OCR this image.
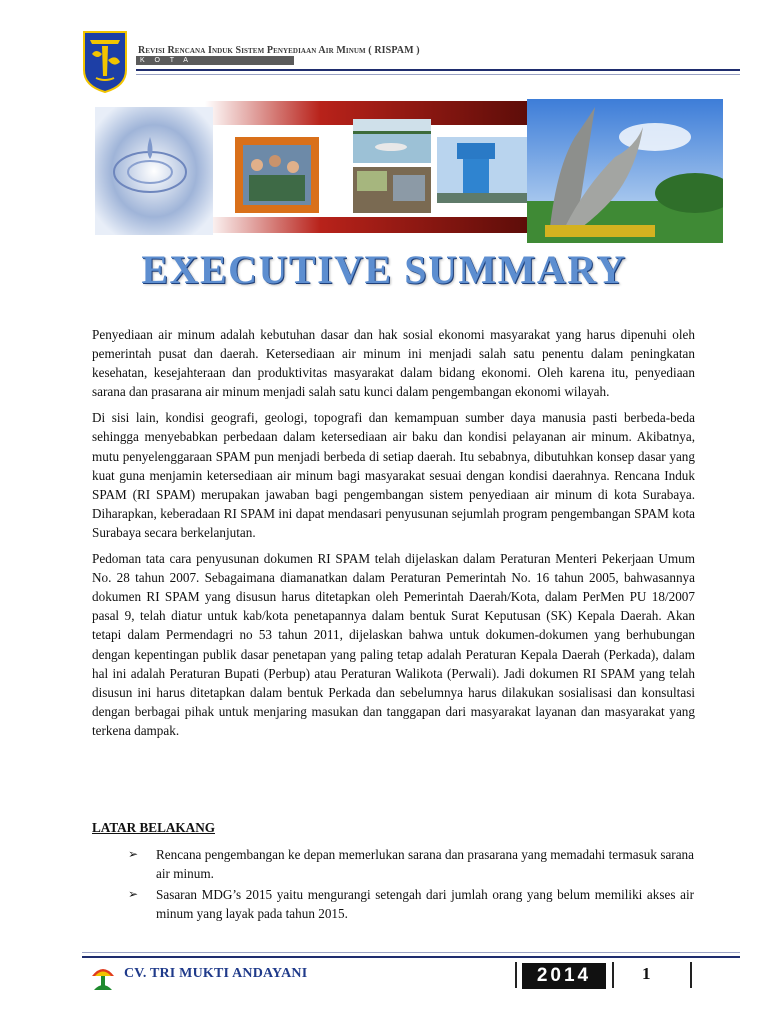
Revisi Rencana Induk Sistem Penyediaan Air Minum ( RISPAM )
KOTA
EXECUTIVE SUMMARY

Penyediaan air minum adalah kebutuhan dasar dan hak sosial ekonomi masyarakat yang harus dipenuhi oleh pemerintah pusat dan daerah. Ketersediaan air minum ini menjadi salah satu penentu dalam peningkatan kesehatan, kesejahteraan dan produktivitas masyarakat dalam bidang ekonomi. Oleh karena itu, penyediaan sarana dan prasarana air minum menjadi salah satu kunci dalam pengembangan ekonomi wilayah.

Di sisi lain, kondisi geografi, geologi, topografi dan kemampuan sumber daya manusia pasti berbeda-beda sehingga menyebabkan perbedaan dalam ketersediaan air baku dan kondisi pelayanan air minum. Akibatnya, mutu penyelenggaraan SPAM pun menjadi berbeda di setiap daerah. Itu sebabnya, dibutuhkan konsep dasar yang kuat guna menjamin ketersediaan air minum bagi masyarakat sesuai dengan kondisi daerahnya. Rencana Induk SPAM (RI SPAM) merupakan jawaban bagi pengembangan sistem penyediaan air minum di kota Surabaya. Diharapkan, keberadaan RI SPAM ini dapat mendasari penyusunan sejumlah program pengembangan SPAM kota Surabaya secara berkelanjutan.

Pedoman tata cara penyusunan dokumen RI SPAM telah dijelaskan dalam Peraturan Menteri Pekerjaan Umum No. 28 tahun 2007. Sebagaimana diamanatkan dalam Peraturan Pemerintah No. 16 tahun 2005, bahwasannya dokumen RI SPAM yang disusun harus ditetapkan oleh Pemerintah Daerah/Kota, dalam PerMen PU 18/2007 pasal 9, telah diatur untuk kab/kota penetapannya dalam bentuk Surat Keputusan (SK) Kepala Daerah. Akan tetapi dalam Permendagri no 53 tahun 2011, dijelaskan bahwa untuk dokumen-dokumen yang berhubungan dengan kepentingan publik dasar penetapan yang paling tetap adalah Peraturan Kepala Daerah (Perkada), dalam hal ini adalah Peraturan Bupati (Perbup) atau Peraturan Walikota (Perwali). Jadi dokumen RI SPAM yang telah disusun ini harus ditetapkan dalam bentuk Perkada dan sebelumnya harus dilakukan sosialisasi dan konsultasi dengan berbagai pihak untuk menjaring masukan dan tanggapan dari masyarakat layanan dan masyarakat yang terkena dampak.

LATAR BELAKANG
➢ Rencana pengembangan ke depan memerlukan sarana dan prasarana yang memadahi termasuk sarana air minum.
➢ Sasaran MDG’s 2015 yaitu mengurangi setengah dari jumlah orang yang belum memiliki akses air minum yang layak pada tahun 2015.
CV. TRI MUKTI ANDAYANI	2014	1
